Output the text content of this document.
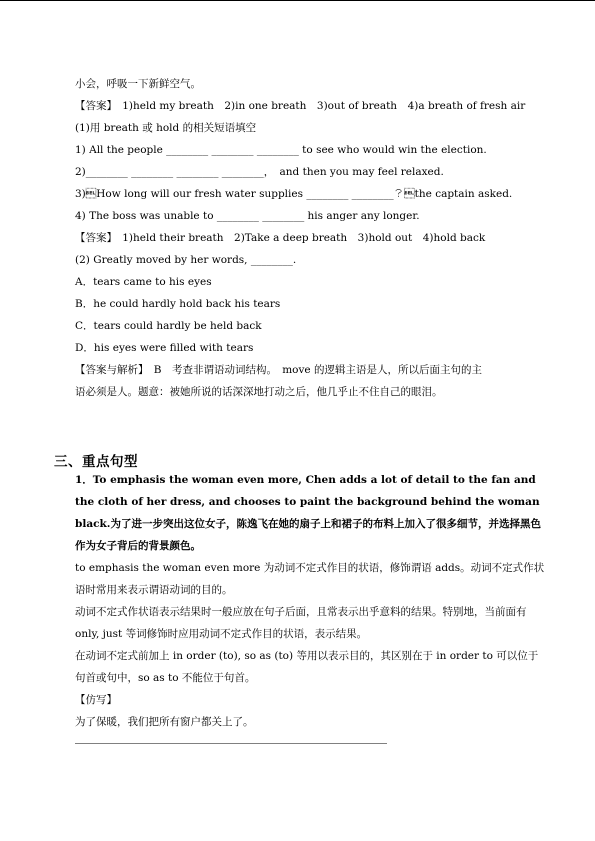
小会，呼吸一下新鲜空气。
【答案】　1)held my breath　2)in one breath　3)out of breath　4)a breath of fresh air
(1)用 breath 或 hold 的相关短语填空
1) All the people ________ ________ ________ to see who would win the election.
2)________ ________ ________ ________，　and then you may feel relaxed.
3)How long will our fresh water supplies ________ ________？the captain asked.
4) The boss was unable to ________ ________ his anger any longer.
【答案】　1)held their breath　2)Take a deep breath　3)hold out　4)hold back
(2) Greatly moved by her words, ________.
A．tears came to his eyes
B．he could hardly hold back his tears
C．tears could hardly be held back
D．his eyes were filled with tears
【答案与解析】　B　考查非谓语动词结构。　move 的逻辑主语是人，所以后面主句的主
语必须是人。题意：被她所说的话深深地打动之后，他几乎止不住自己的眼泪。
三、重点句型
1．To emphasis the woman even more, Chen adds a lot of detail to the fan and the cloth of her dress, and chooses to paint the background behind the woman black.为了进一步突出这位女子，陈逸飞在她的扇子上和裙子的布料上加入了很多细节，并选择黑色作为女子背后的背景颜色。
to emphasis the woman even more 为动词不定式作目的状语，修饰谓语 adds。动词不定式作状语时常用来表示谓语动词的目的。
动词不定式作状语表示结果时一般应放在句子后面，且常表示出乎意料的结果。特别地，当前面有 only, just 等词修饰时应用动词不定式作目的状语，表示结果。
在动词不定式前加上 in order (to), so as (to) 等用以表示目的，其区别在于 in order to 可以位于句首或句中，so as to 不能位于句首。
【仿写】
为了保暖，我们把所有窗户都关上了。
